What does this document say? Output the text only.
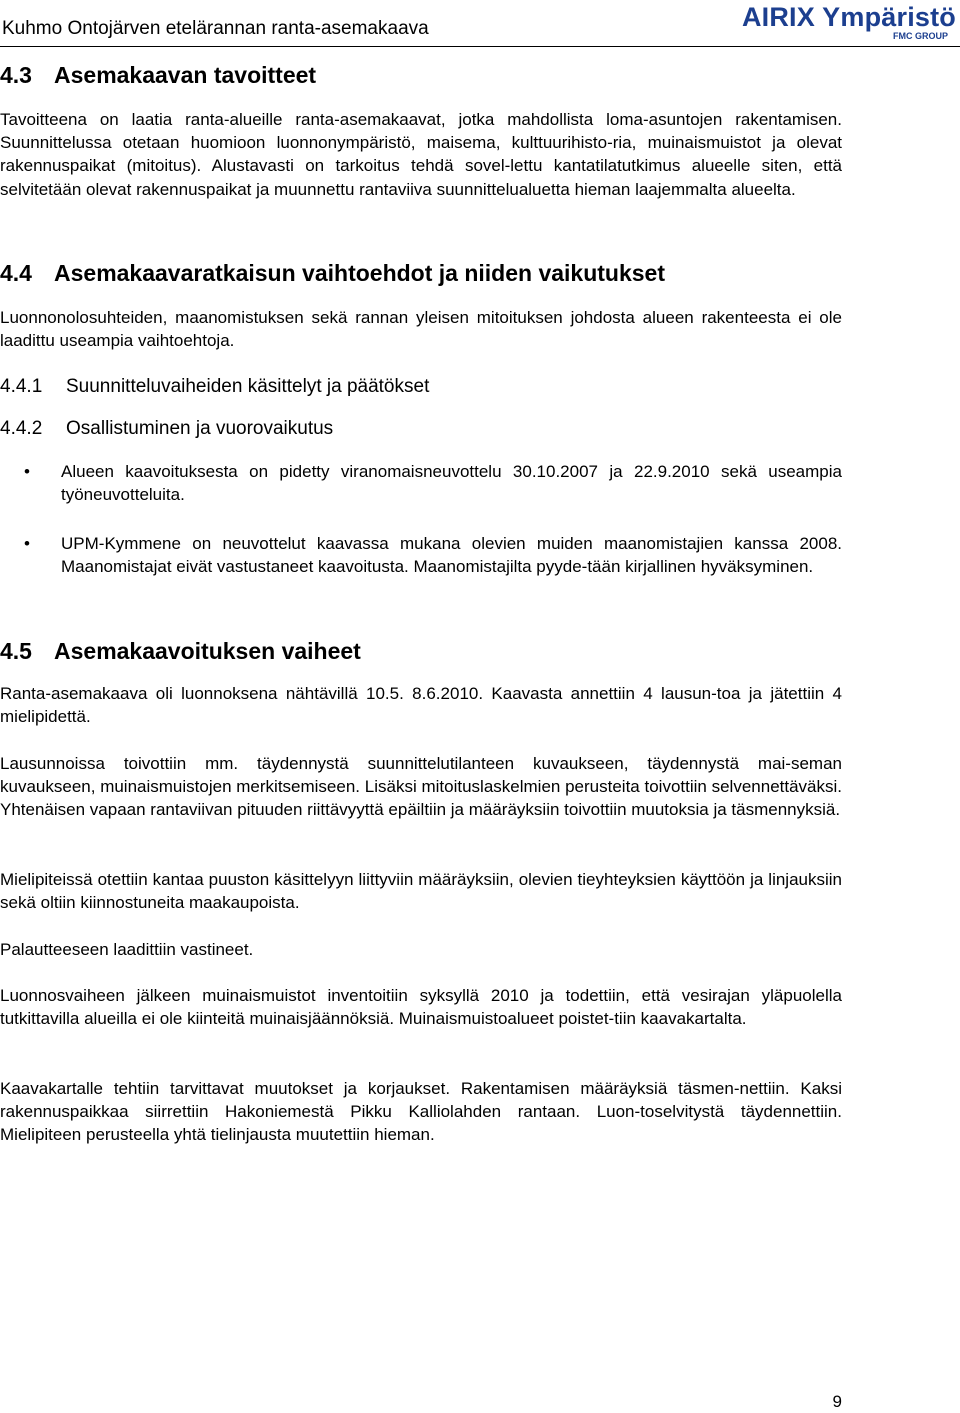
Kuhmo Ontojärven etelärannan ranta-asemakaava	AIRIX Ympäristö
FMC GROUP
4.3 Asemakaavan tavoitteet

Tavoitteena on laatia ranta-alueille ranta-asemakaavat, jotka mahdollista loma-asuntojen rakentamisen. Suunnittelussa otetaan huomioon luonnonympäristö, maisema, kulttuurihisto-ria, muinaismuistot ja olevat rakennuspaikat (mitoitus). Alustavasti on tarkoitus tehdä sovel-lettu kantatilatutkimus alueelle siten, että selvitetään olevat rakennuspaikat ja muunnettu rantaviiva suunnittelualuetta hieman laajemmalta alueelta.

4.4 Asemakaavaratkaisun vaihtoehdot ja niiden vaikutukset

Luonnonolosuhteiden, maanomistuksen sekä rannan yleisen mitoituksen johdosta alueen rakenteesta ei ole laadittu useampia vaihtoehtoja.

4.4.1 Suunnitteluvaiheiden käsittelyt ja päätökset
4.4.2 Osallistuminen ja vuorovaikutus
• Alueen kaavoituksesta on pidetty viranomaisneuvottelu 30.10.2007 ja 22.9.2010 sekä useampia työneuvotteluita.
• UPM-Kymmene on neuvottelut kaavassa mukana olevien muiden maanomistajien kanssa 2008. Maanomistajat eivät vastustaneet kaavoitusta. Maanomistajilta pyyde-tään kirjallinen hyväksyminen.
4.5 Asemakaavoituksen vaiheet

Ranta-asemakaava oli luonnoksena nähtävillä 10.5. 8.6.2010. Kaavasta annettiin 4 lausun-toa ja jätettiin 4 mielipidettä.

Lausunnoissa toivottiin mm. täydennystä suunnittelutilanteen kuvaukseen, täydennystä mai-seman kuvaukseen, muinaismuistojen merkitsemiseen. Lisäksi mitoituslaskelmien perusteita toivottiin selvennettäväksi. Yhtenäisen vapaan rantaviivan pituuden riittävyyttä epäiltiin ja määräyksiin toivottiin muutoksia ja täsmennyksiä.

Mielipiteissä otettiin kantaa puuston käsittelyyn liittyviin määräyksiin, olevien tieyhteyksien käyttöön ja linjauksiin sekä oltiin kiinnostuneita maakaupoista.

Palautteeseen laadittiin vastineet.

Luonnosvaiheen jälkeen muinaismuistot inventoitiin syksyllä 2010 ja todettiin, että vesirajan yläpuolella tutkittavilla alueilla ei ole kiinteitä muinaisjäännöksiä. Muinaismuistoalueet poistet-tiin kaavakartalta.

Kaavakartalle tehtiin tarvittavat muutokset ja korjaukset. Rakentamisen määräyksiä täsmen-nettiin. Kaksi rakennuspaikkaa siirrettiin Hakoniemestä Pikku Kalliolahden rantaan. Luon-toselvitystä täydennettiin. Mielipiteen perusteella yhtä tielinjausta muutettiin hieman.

9
